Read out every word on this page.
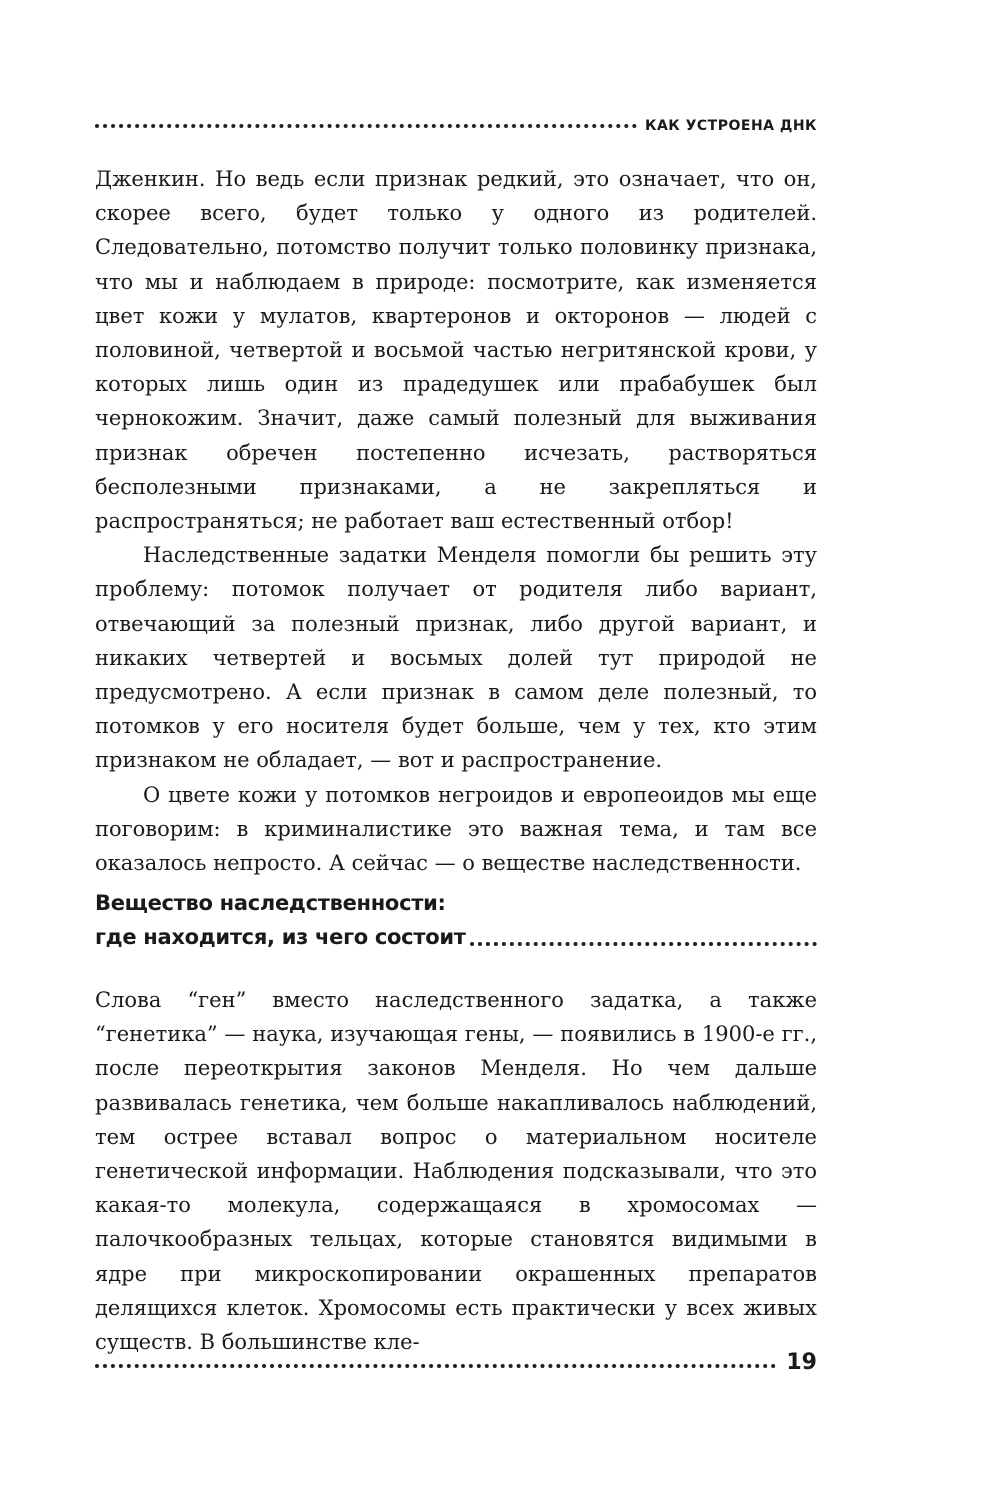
КАК УСТРОЕНА ДНК

Дженкин. Но ведь если признак редкий, это означает, что он, скорее всего, будет только у одного из родителей. Следовательно, потомство получит только половинку признака, что мы и наблюдаем в природе: посмотрите, как изменяется цвет кожи у мулатов, квартеронов и окторонов — людей с половиной, четвертой и восьмой частью негритянской крови, у которых лишь один из прадедушек или прабабушек был чернокожим. Значит, даже самый полезный для выживания признак обречен постепенно исчезать, растворяться бесполезными признаками, а не закрепляться и распространяться; не работает ваш естественный отбор!

Наследственные задатки Менделя помогли бы решить эту проблему: потомок получает от родителя либо вариант, отвечающий за полезный признак, либо другой вариант, и никаких четвертей и восьмых долей тут природой не предусмотрено. А если признак в самом деле полезный, то потомков у его носителя будет больше, чем у тех, кто этим признаком не обладает, — вот и распространение.

О цвете кожи у потомков негроидов и европеоидов мы еще поговорим: в криминалистике это важная тема, и там все оказалось непросто. А сейчас — о веществе наследственности.

Вещество наследственности:
где находится, из чего состоит

Слова “ген” вместо наследственного задатка, а также “генетика” — наука, изучающая гены, — появились в 1900-е гг., после переоткрытия законов Менделя. Но чем дальше развивалась генетика, чем больше накапливалось наблюдений, тем острее вставал вопрос о материальном носителе генетической информации. Наблюдения подсказывали, что это какая-то молекула, содержащаяся в хромосомах — палочкообразных тельцах, которые становятся видимыми в ядре при микроскопировании окрашенных препаратов делящихся клеток. Хромосомы есть практически у всех живых существ. В большинстве кле-

19
